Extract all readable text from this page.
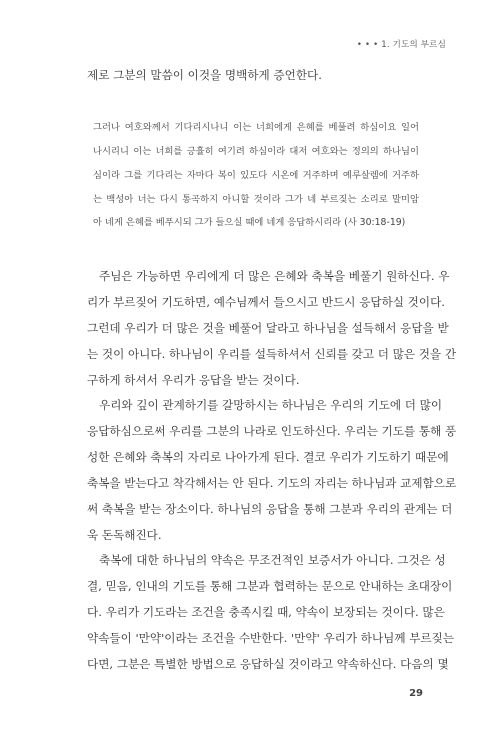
• • • 1. 기도의 부르심
제로 그분의 말씀이 이것을 명백하게 증언한다.
그러나 여호와께서 기다리시나니 이는 너희에게 은혜를 베풀려 하심이요 일어
나시리니 이는 너희를 긍휼히 여기려 하심이라 대저 여호와는 정의의 하나님이
심이라 그를 기다리는 자마다 복이 있도다 시온에 거주하며 예루살렘에 거주하
는 백성아 너는 다시 통곡하지 아니할 것이라 그가 네 부르짖는 소리로 말미암
아 네게 은혜를 베푸시되 그가 들으실 때에 네게 응답하시리라 (사 30:18-19)
주님은 가능하면 우리에게 더 많은 은혜와 축복을 베풀기 원하신다. 우
리가 부르짖어 기도하면, 예수님께서 들으시고 반드시 응답하실 것이다.
그런데 우리가 더 많은 것을 베풀어 달라고 하나님을 설득해서 응답을 받
는 것이 아니다. 하나님이 우리를 설득하셔서 신뢰를 갖고 더 많은 것을 간
구하게 하셔서 우리가 응답을 받는 것이다.
우리와 깊이 관계하기를 갈망하시는 하나님은 우리의 기도에 더 많이
응답하심으로써 우리를 그분의 나라로 인도하신다. 우리는 기도를 통해 풍
성한 은혜와 축복의 자리로 나아가게 된다. 결코 우리가 기도하기 때문에
축복을 받는다고 착각해서는 안 된다. 기도의 자리는 하나님과 교제함으로
써 축복을 받는 장소이다. 하나님의 응답을 통해 그분과 우리의 관계는 더
욱 돈독해진다.
축복에 대한 하나님의 약속은 무조건적인 보증서가 아니다. 그것은 성
결, 믿음, 인내의 기도를 통해 그분과 협력하는 문으로 안내하는 초대장이
다. 우리가 기도라는 조건을 충족시킬 때, 약속이 보장되는 것이다. 많은
약속들이 '만약'이라는 조건을 수반한다. '만약' 우리가 하나님께 부르짖는
다면, 그분은 특별한 방법으로 응답하실 것이라고 약속하신다. 다음의 몇
29
